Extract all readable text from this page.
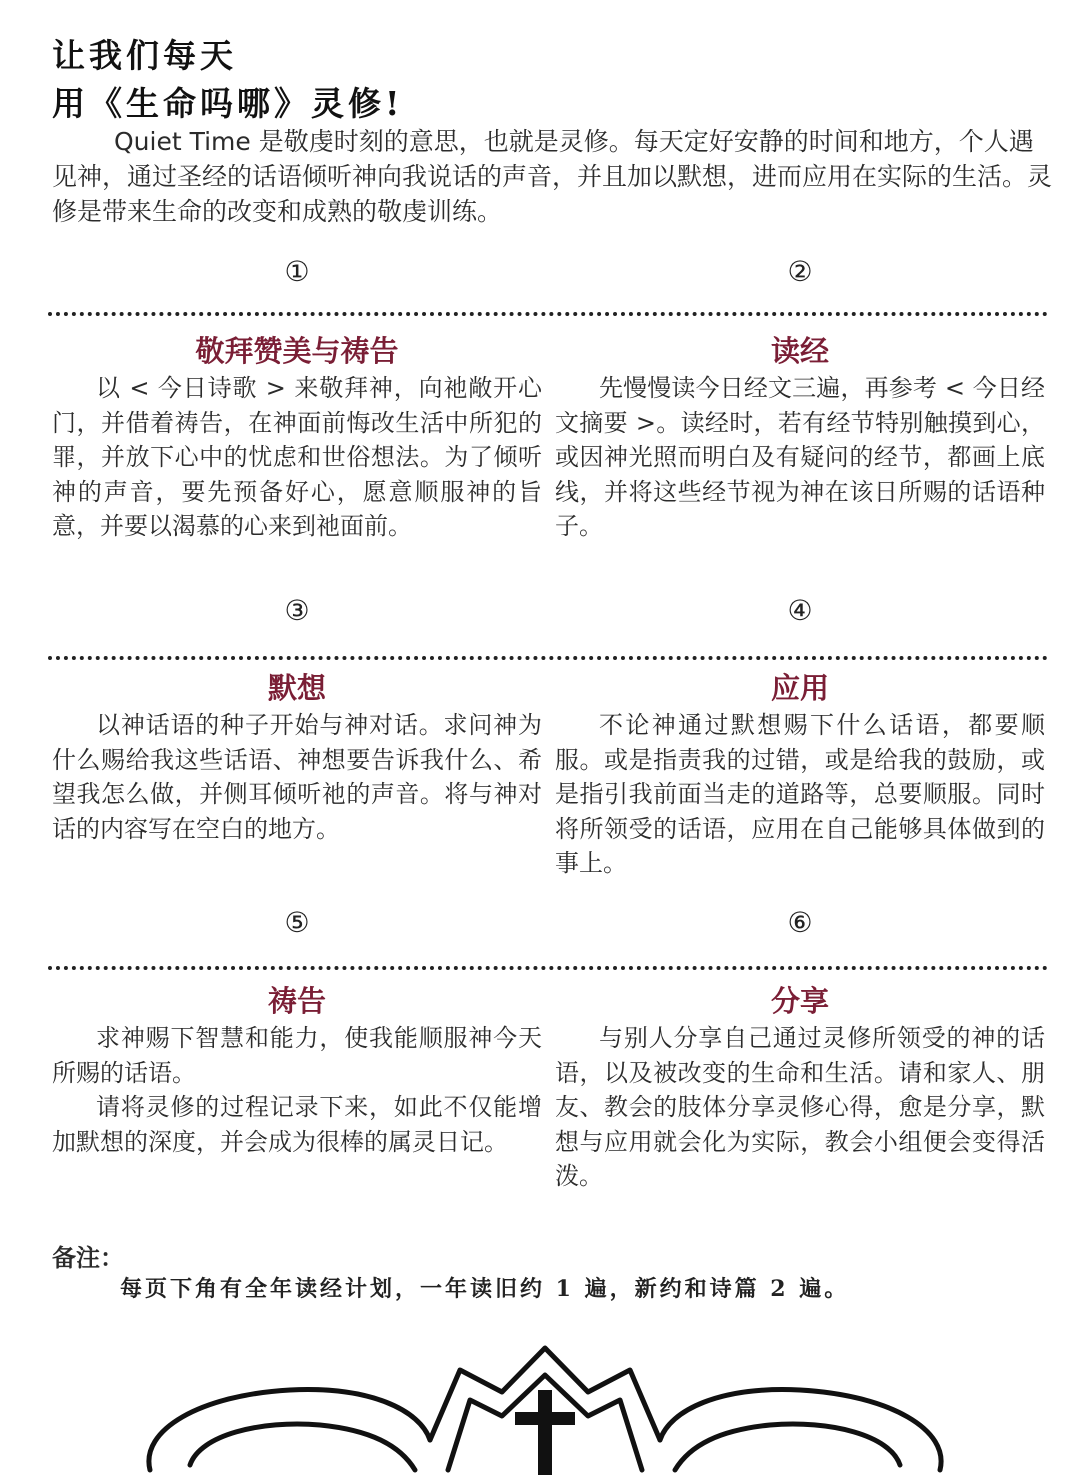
让我们每天
用《生命吗哪》灵修!

Quiet Time 是敬虔时刻的意思，也就是灵修。每天定好安静的时间和地方，个人遇见神，通过圣经的话语倾听神向我说话的声音，并且加以默想，进而应用在实际的生活。灵修是带来生命的改变和成熟的敬虔训练。

①	②
敬拜赞美与祷告

以 < 今日诗歌 > 来敬拜神，向祂敞开心门，并借着祷告，在神面前悔改生活中所犯的罪，并放下心中的忧虑和世俗想法。为了倾听神的声音，要先预备好心，愿意顺服神的旨意，并要以渴慕的心来到祂面前。

读经

先慢慢读今日经文三遍，再参考 < 今日经文摘要 >。读经时，若有经节特别触摸到心，或因神光照而明白及有疑问的经节，都画上底线，并将这些经节视为神在该日所赐的话语种子。

③	④
默想

以神话语的种子开始与神对话。求问神为什么赐给我这些话语、神想要告诉我什么、希望我怎么做，并侧耳倾听祂的声音。将与神对话的内容写在空白的地方。

应用

不论神通过默想赐下什么话语，都要顺服。或是指责我的过错，或是给我的鼓励，或是指引我前面当走的道路等，总要顺服。同时将所领受的话语，应用在自己能够具体做到的事上。

⑤	⑥
祷告

求神赐下智慧和能力，使我能顺服神今天所赐的话语。

请将灵修的过程记录下来，如此不仅能增加默想的深度，并会成为很棒的属灵日记。

分享

与别人分享自己通过灵修所领受的神的话语，以及被改变的生命和生活。请和家人、朋友、教会的肢体分享灵修心得，愈是分享，默想与应用就会化为实际，教会小组便会变得活泼。

备注：
每页下角有全年读经计划，一年读旧约 1 遍，新约和诗篇 2 遍。
